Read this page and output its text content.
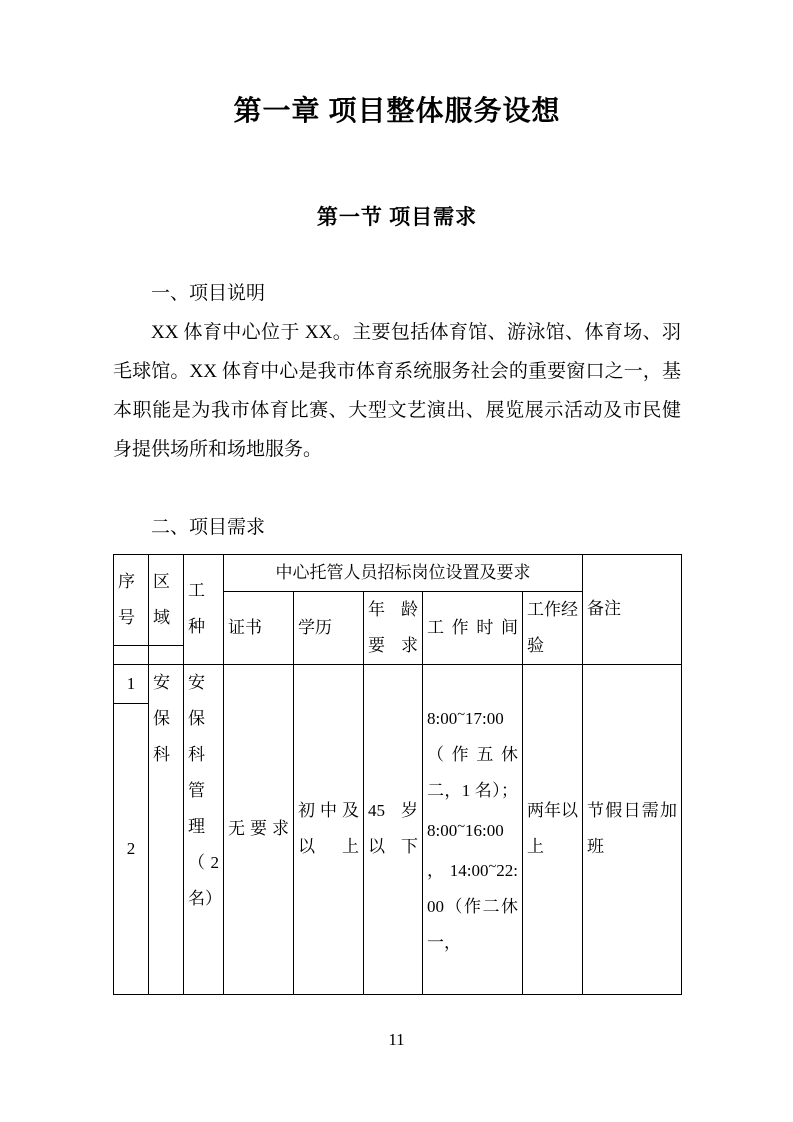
第一章 项目整体服务设想
第一节 项目需求

一、项目说明

XX 体育中心位于 XX。主要包括体育馆、游泳馆、体育场、羽毛球馆。XX 体育中心是我市体育系统服务社会的重要窗口之一，基本职能是为我市体育比赛、大型文艺演出、展览展示活动及市民健身提供场所和场地服务。

二、项目需求

序号	区域	工种	中心托管人员招标岗位设置及要求					备注
			证书	学历	年龄要求	工作时间	工作经验	

1	安保科	安保科管理（2名）	无要求	初中及以上	45岁以下	8:00~17:00（作五休二，1 名）；8:00~16:00 ，14:00~22:00（作二休一，	两年以上	节假日需加班
2								
11
